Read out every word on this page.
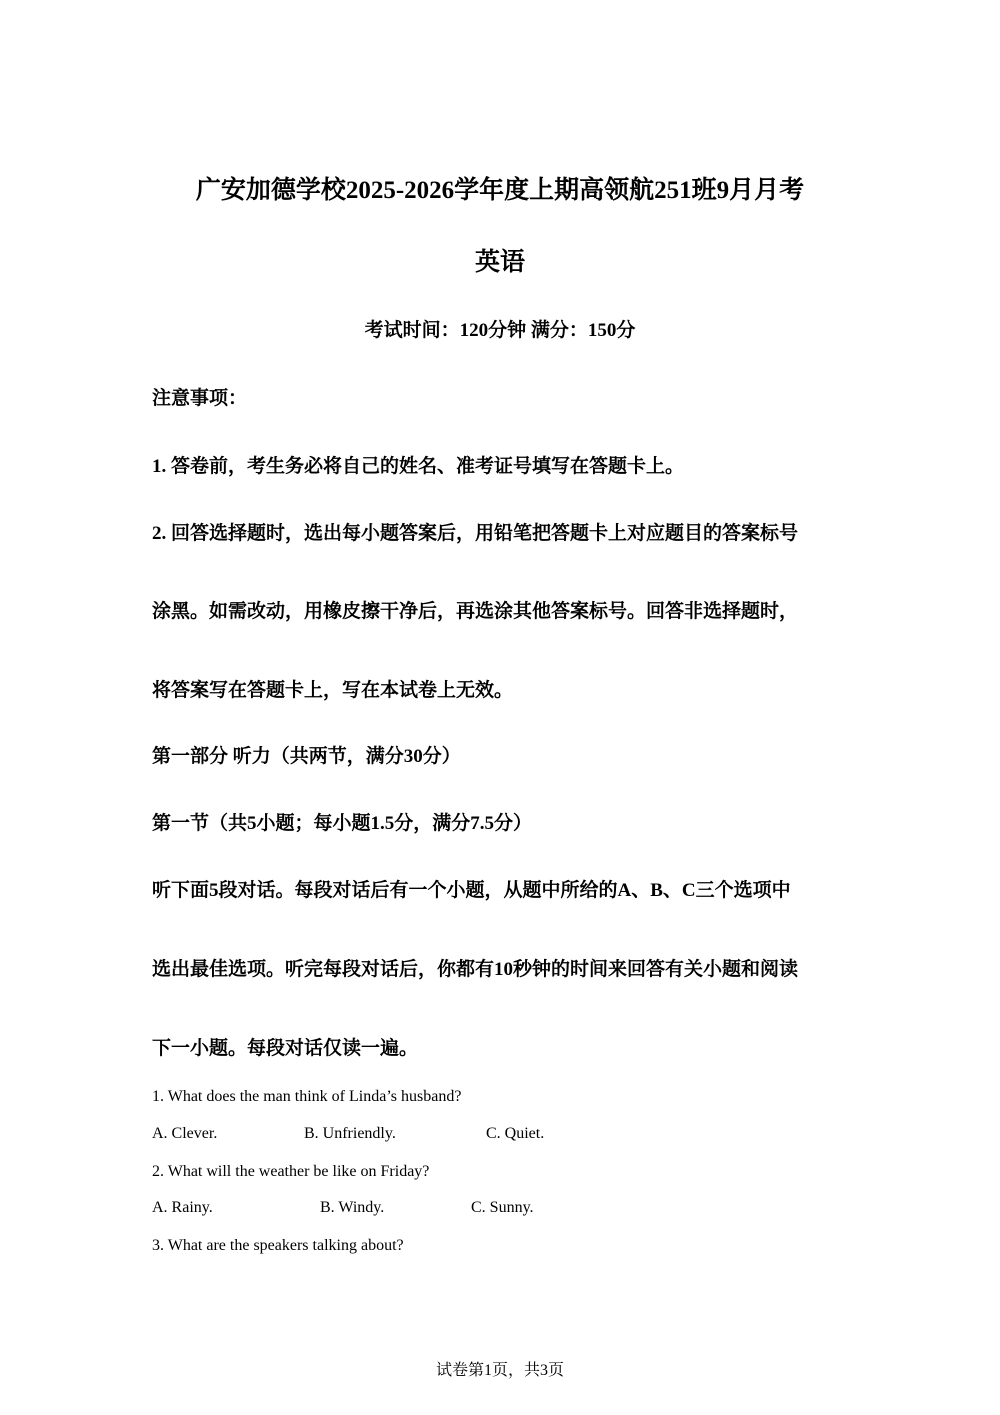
广安加德学校2025-2026学年度上期高领航251班9月月考
英语
考试时间：120分钟 满分：150分
注意事项：
1. 答卷前，考生务必将自己的姓名、准考证号填写在答题卡上。
2. 回答选择题时，选出每小题答案后，用铅笔把答题卡上对应题目的答案标号
涂黑。如需改动，用橡皮擦干净后，再选涂其他答案标号。回答非选择题时，
将答案写在答题卡上，写在本试卷上无效。
第一部分 听力（共两节，满分30分）
第一节（共5小题；每小题1.5分，满分7.5分）
听下面5段对话。每段对话后有一个小题，从题中所给的A、B、C三个选项中
选出最佳选项。听完每段对话后，你都有10秒钟的时间来回答有关小题和阅读
下一小题。每段对话仅读一遍。
1. What does the man think of Linda’s husband?
A. Clever.	B. Unfriendly.	C. Quiet.
2. What will the weather be like on Friday?
A. Rainy.	B. Windy.	C. Sunny.
3. What are the speakers talking about?
试卷第1页，共3页
